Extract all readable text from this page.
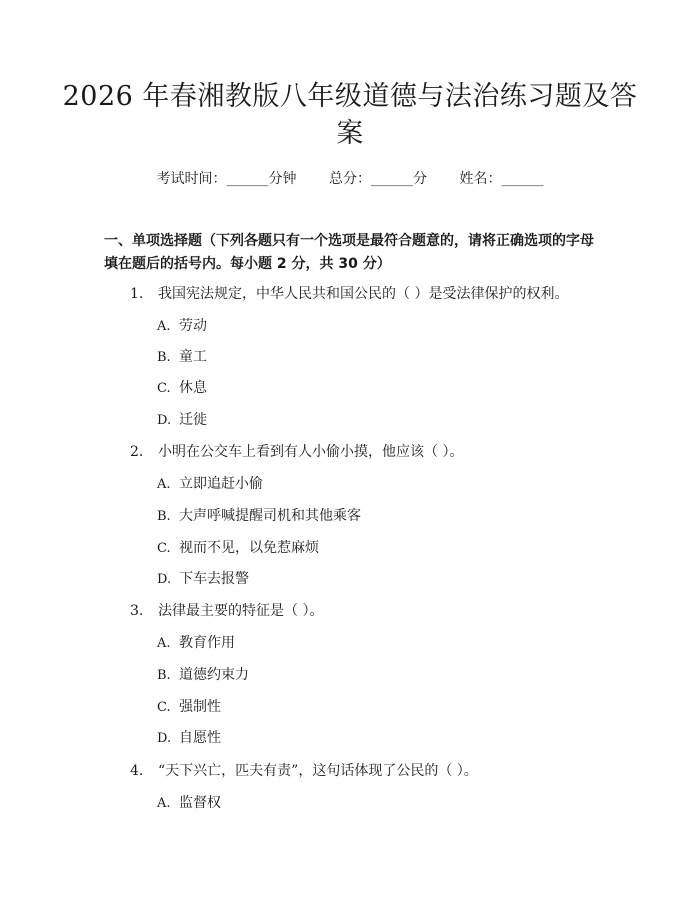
2026 年春湘教版八年级道德与法治练习题及答案
考试时间：______分钟 总分：______分 姓名：______
一、单项选择题（下列各题只有一个选项是最符合题意的，请将正确选项的字母填在题后的括号内。每小题 2 分，共 30 分）
1. 我国宪法规定，中华人民共和国公民的（ ）是受法律保护的权利。
A. 劳动
B. 童工
C. 休息
D. 迁徙
2. 小明在公交车上看到有人小偷小摸，他应该（ ）。
A. 立即追赶小偷
B. 大声呼喊提醒司机和其他乘客
C. 视而不见，以免惹麻烦
D. 下车去报警
3. 法律最主要的特征是（ ）。
A. 教育作用
B. 道德约束力
C. 强制性
D. 自愿性
4. “天下兴亡，匹夫有责”，这句话体现了公民的（ ）。
A. 监督权
